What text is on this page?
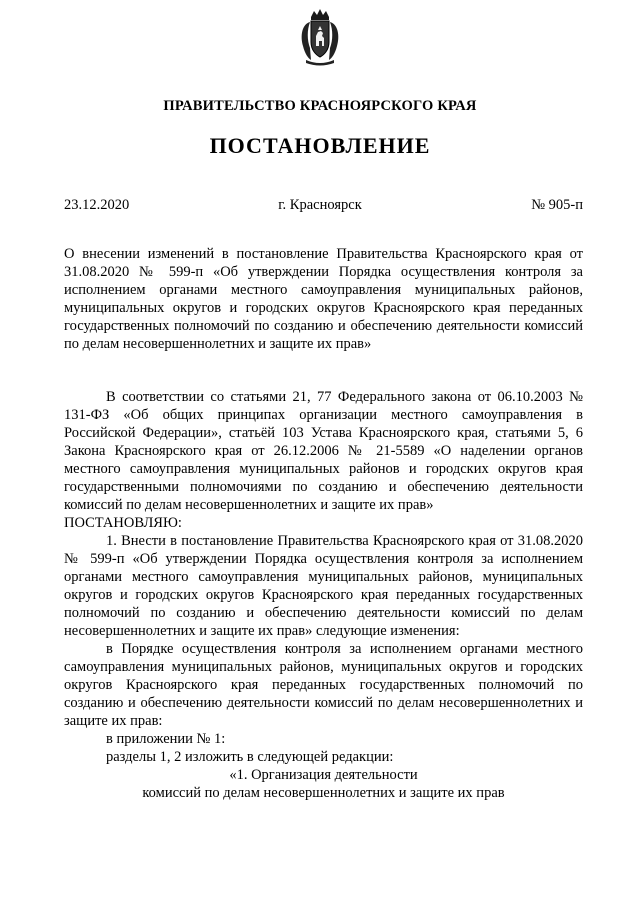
ПРАВИТЕЛЬСТВО КРАСНОЯРСКОГО КРАЯ
ПОСТАНОВЛЕНИЕ
23.12.2020	г. Красноярск	№ 905-п

О внесении изменений в постановление Правительства Красноярского края от 31.08.2020 № 599-п «Об утверждении Порядка осуществления контроля за исполнением органами местного самоуправления муниципальных районов, муниципальных округов и городских округов Красноярского края переданных государственных полномочий по созданию и обеспечению деятельности комиссий по делам несовершеннолетних и защите их прав»

В соответствии со статьями 21, 77 Федерального закона от 06.10.2003 № 131-ФЗ «Об общих принципах организации местного самоуправления в Российской Федерации», статьёй 103 Устава Красноярского края, статьями 5, 6 Закона Красноярского края от 26.12.2006 № 21-5589 «О наделении органов местного самоуправления муниципальных районов и городских округов края государственными полномочиями по созданию и обеспечению деятельности комиссий по делам несовершеннолетних и защите их прав»

ПОСТАНОВЛЯЮ:

1. Внести в постановление Правительства Красноярского края от 31.08.2020 № 599-п «Об утверждении Порядка осуществления контроля за исполнением органами местного самоуправления муниципальных районов, муниципальных округов и городских округов Красноярского края переданных государственных полномочий по созданию и обеспечению деятельности комиссий по делам несовершеннолетних и защите их прав» следующие изменения:

в Порядке осуществления контроля за исполнением органами местного самоуправления муниципальных районов, муниципальных округов и городских округов Красноярского края переданных государственных полномочий по созданию и обеспечению деятельности комиссий по делам несовершеннолетних и защите их прав:

в приложении № 1:

разделы 1, 2 изложить в следующей редакции:

«1. Организация деятельности

комиссий по делам несовершеннолетних и защите их прав
